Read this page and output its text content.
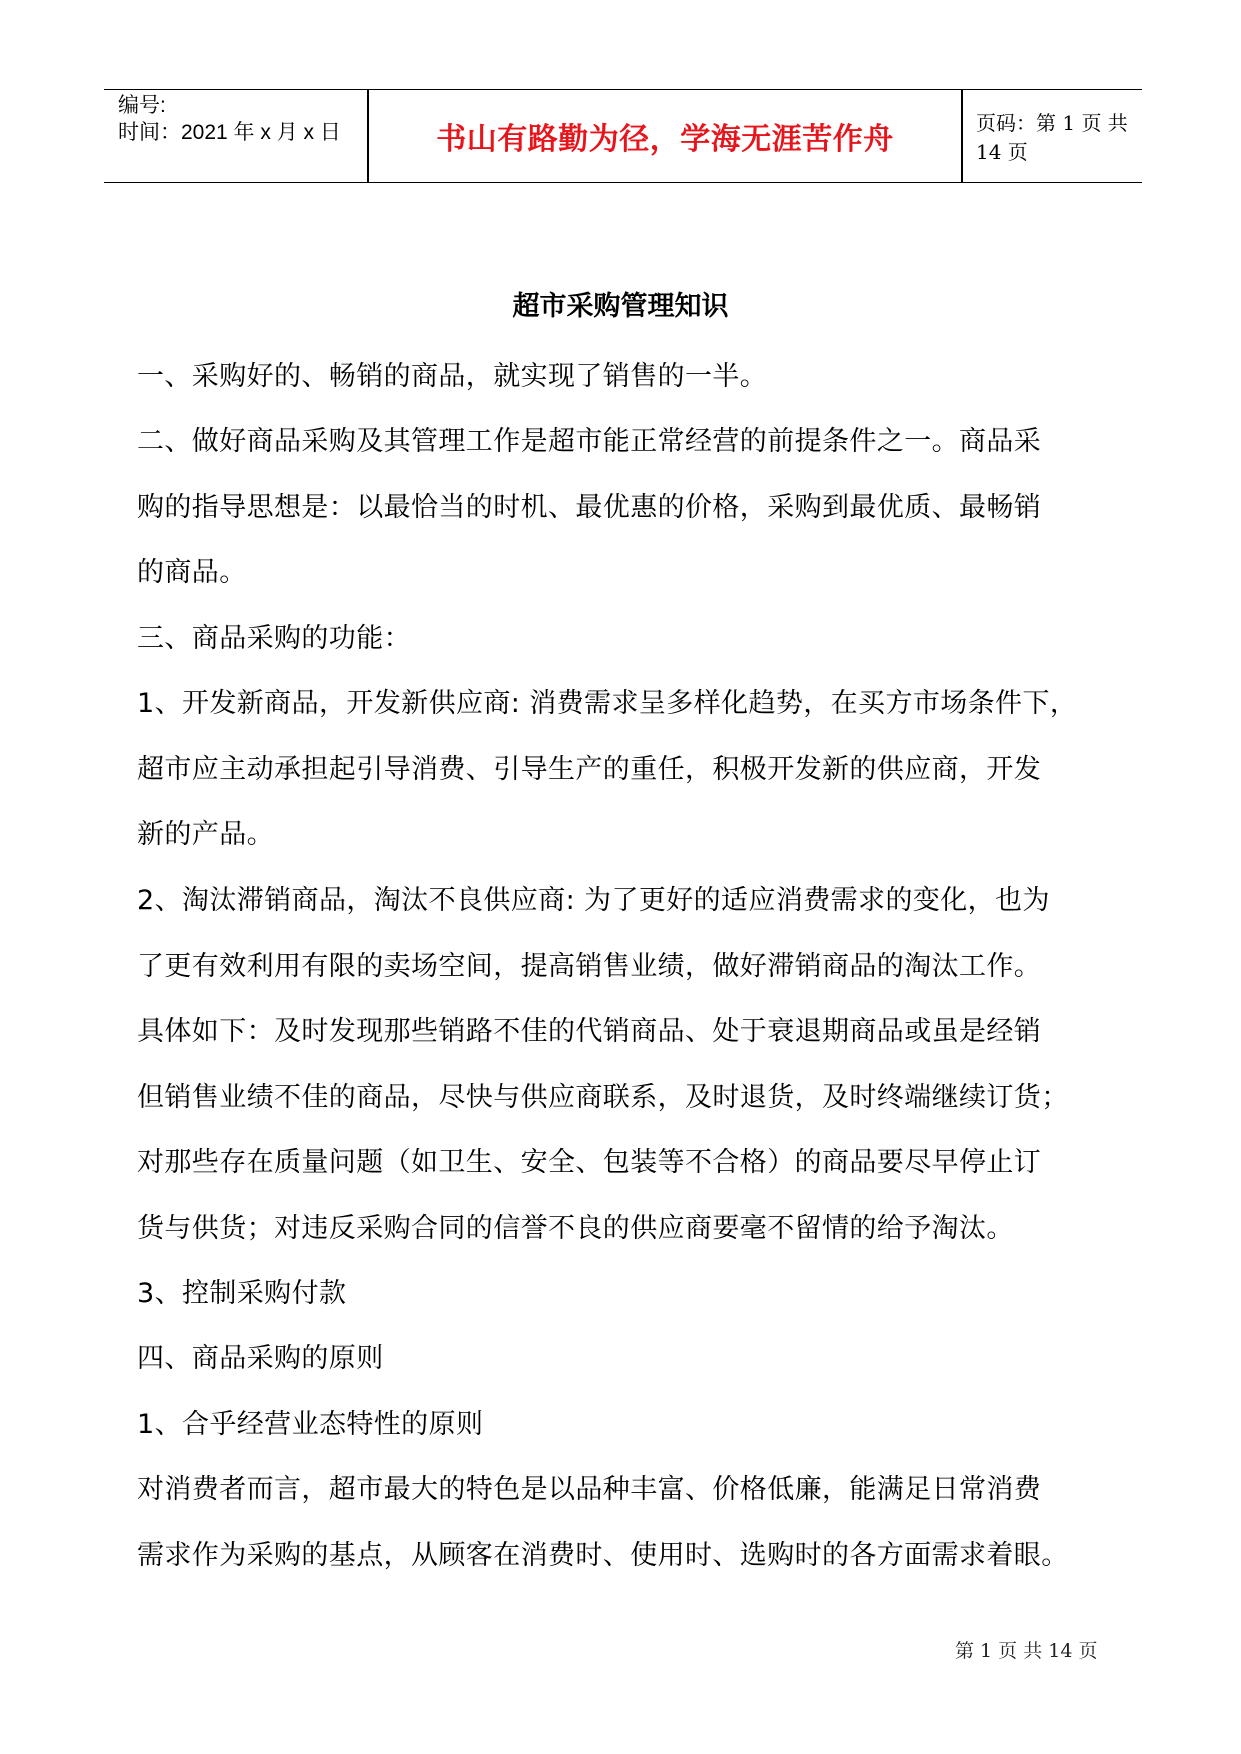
编号:
时间：2021 年 x 月 x 日	书山有路勤为径，学海无涯苦作舟	页码：第 1 页 共 14 页
超市采购管理知识
一、采购好的、畅销的商品，就实现了销售的一半。
二、做好商品采购及其管理工作是超市能正常经营的前提条件之一。商品采
购的指导思想是：以最恰当的时机、最优惠的价格，采购到最优质、最畅销
的商品。
三、商品采购的功能：
1、开发新商品，开发新供应商: 消费需求呈多样化趋势，在买方市场条件下，
超市应主动承担起引导消费、引导生产的重任，积极开发新的供应商，开发
新的产品。
2、淘汰滞销商品，淘汰不良供应商: 为了更好的适应消费需求的变化，也为
了更有效利用有限的卖场空间，提高销售业绩，做好滞销商品的淘汰工作。
具体如下：及时发现那些销路不佳的代销商品、处于衰退期商品或虽是经销
但销售业绩不佳的商品，尽快与供应商联系，及时退货，及时终端继续订货；
对那些存在质量问题（如卫生、安全、包装等不合格）的商品要尽早停止订
货与供货；对违反采购合同的信誉不良的供应商要毫不留情的给予淘汰。
3、控制采购付款
四、商品采购的原则
1、合乎经营业态特性的原则
对消费者而言，超市最大的特色是以品种丰富、价格低廉，能满足日常消费
需求作为采购的基点，从顾客在消费时、使用时、选购时的各方面需求着眼。
第 1 页 共 14 页
